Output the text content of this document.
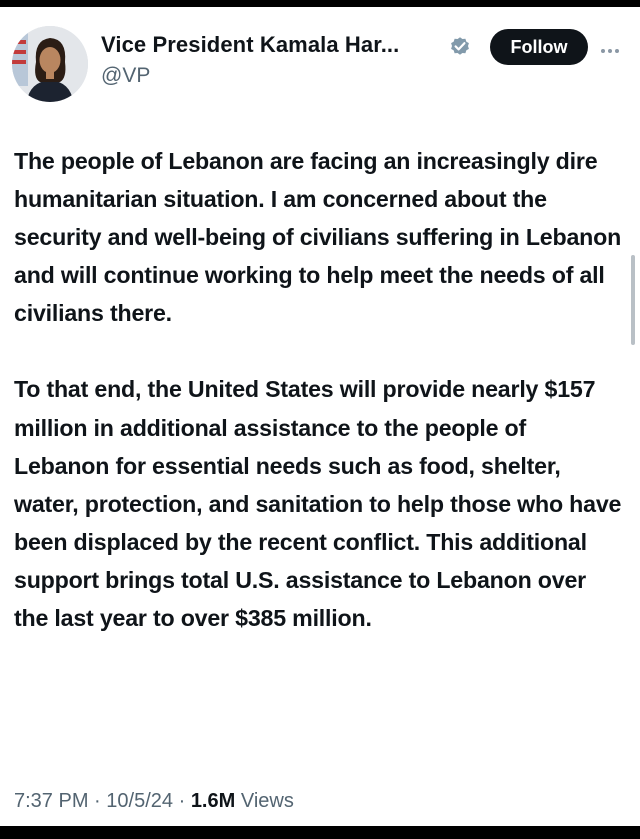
Vice President Kamala Har...
@VP
Follow

The people of Lebanon are facing an increasingly dire humanitarian situation. I am concerned about the security and well-being of civilians suffering in Lebanon and will continue working to help meet the needs of all civilians there.

To that end, the United States will provide nearly $157 million in additional assistance to the people of Lebanon for essential needs such as food, shelter, water, protection, and sanitation to help those who have been displaced by the recent conflict. This additional support brings total U.S. assistance to Lebanon over the last year to over $385 million.

7:37 PM · 10/5/24 · 1.6M Views
